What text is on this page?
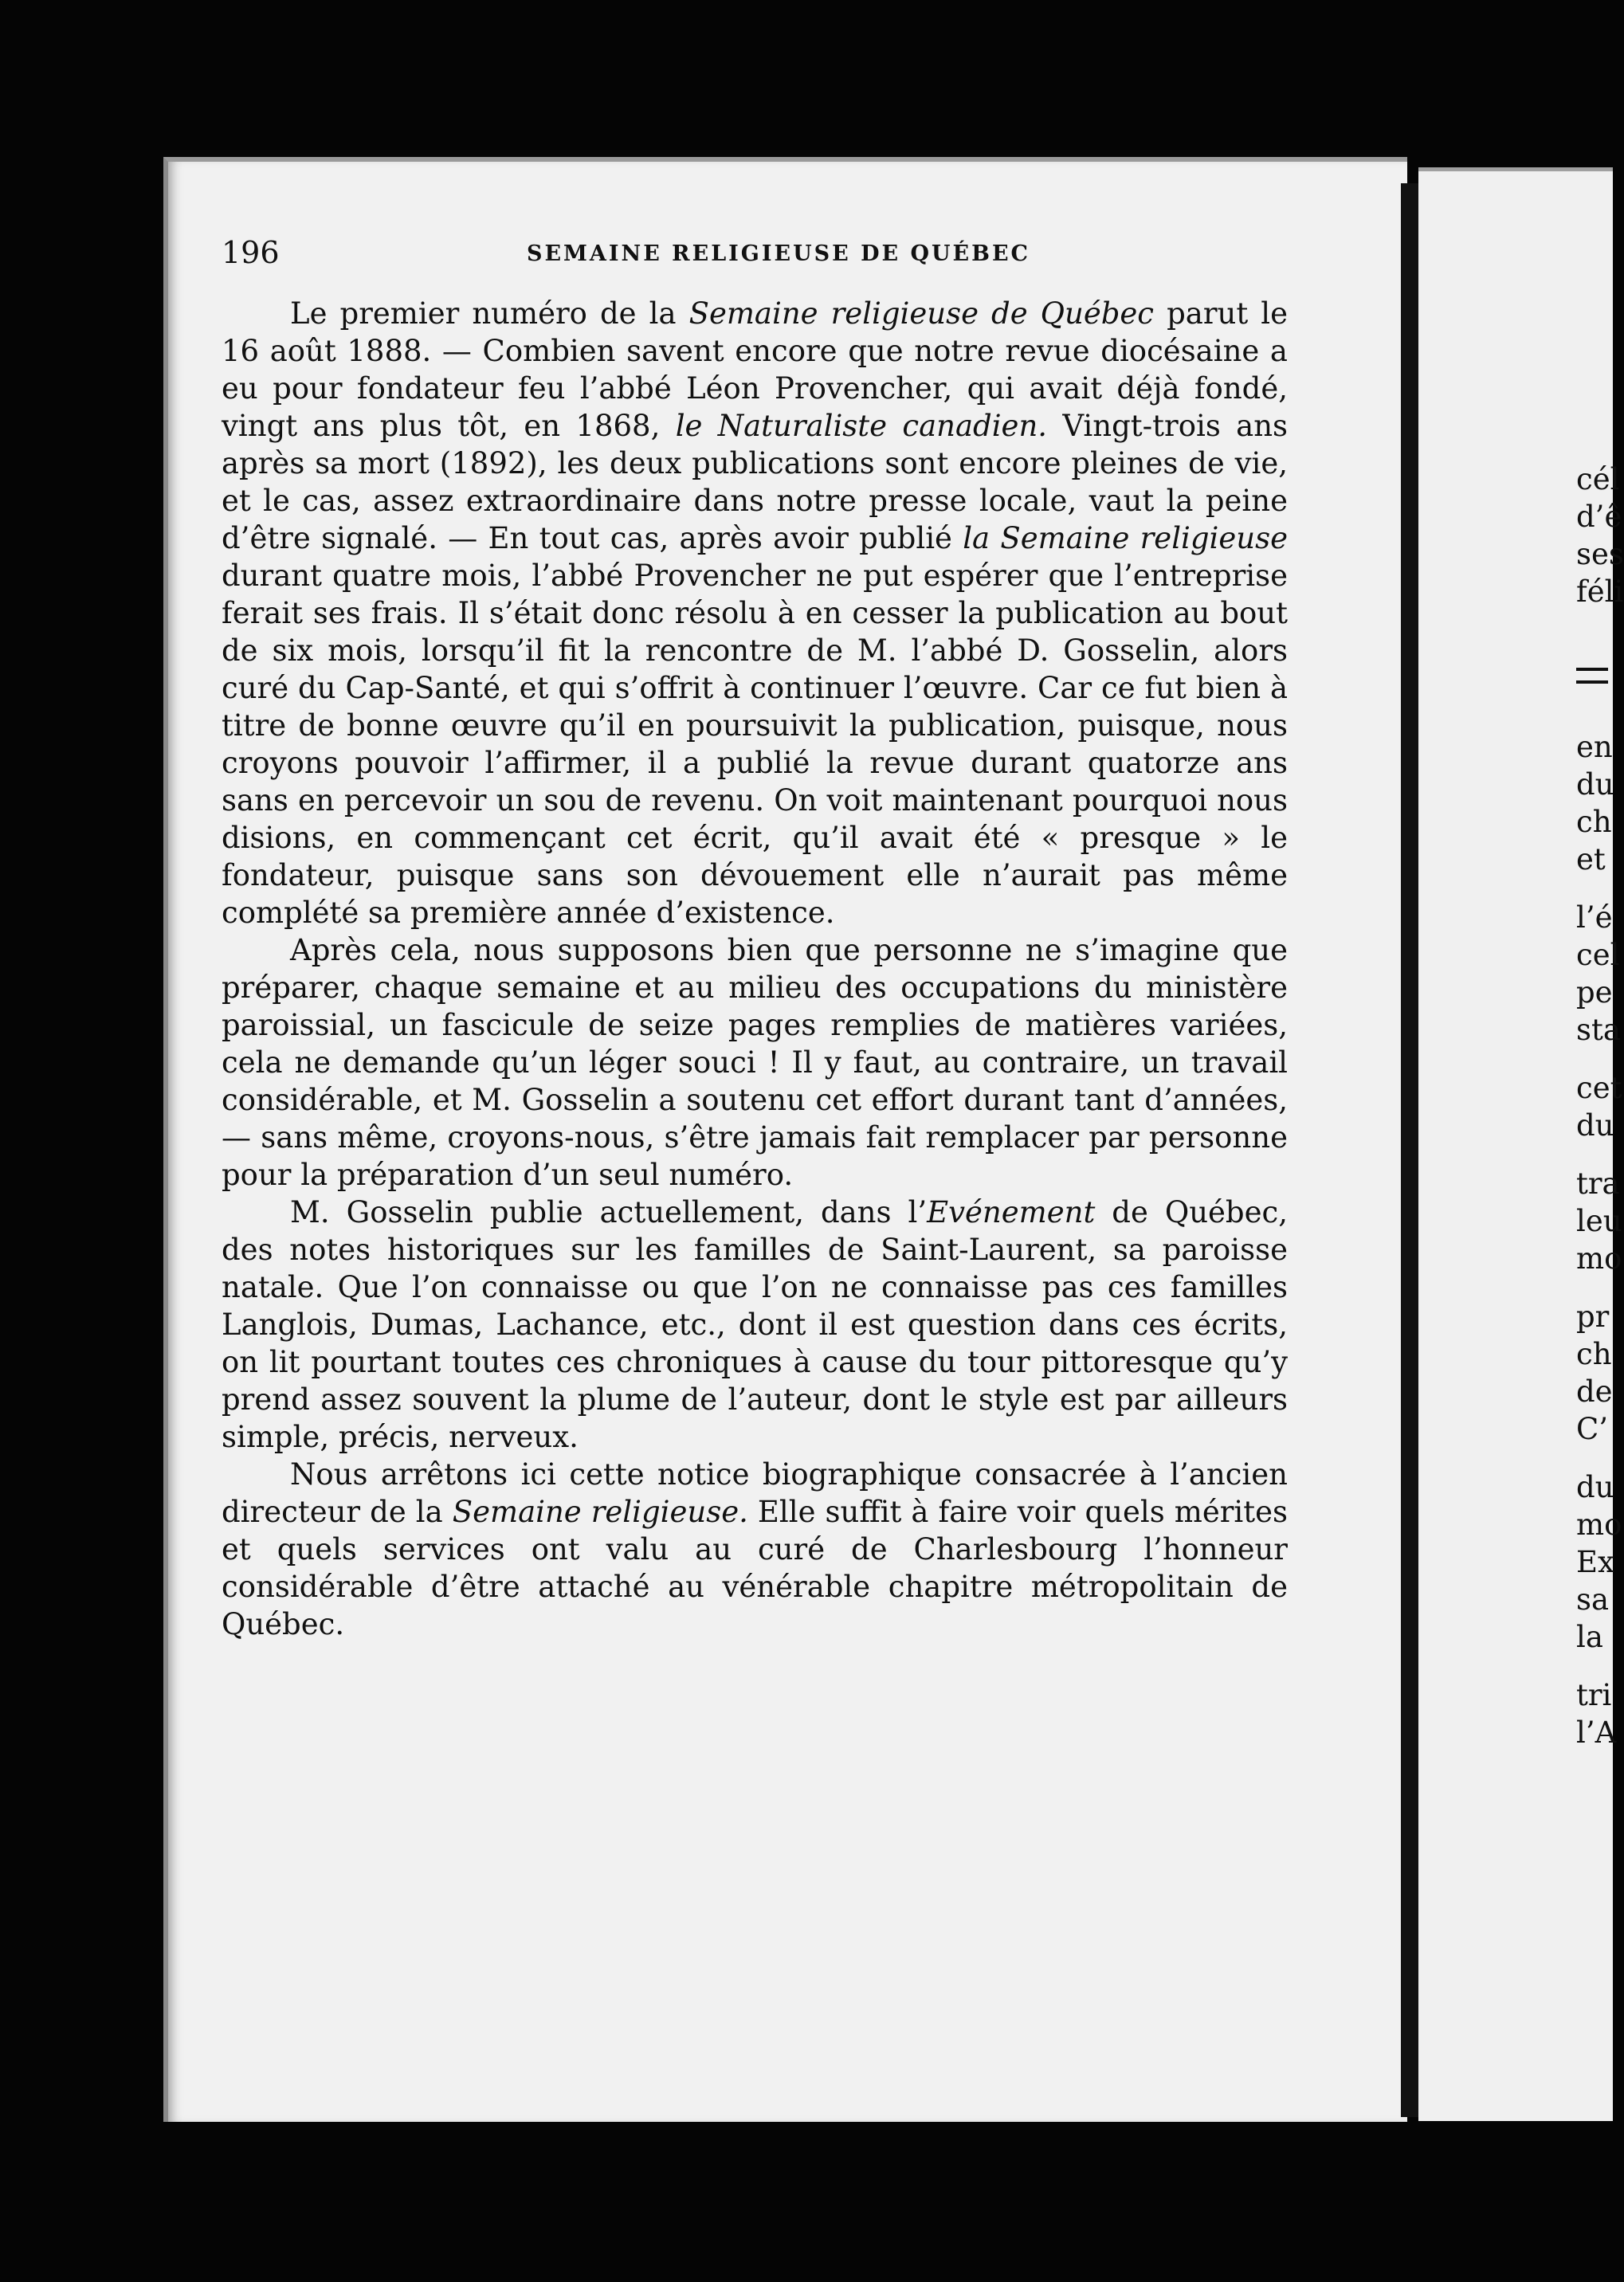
196	SEMAINE RELIGIEUSE DE QUÉBEC

Le premier numéro de la Semaine religieuse de Québec parut le 16 août 1888. — Combien savent encore que notre revue diocésaine a eu pour fondateur feu l’abbé Léon Provencher, qui avait déjà fondé, vingt ans plus tôt, en 1868, le Naturaliste canadien. Vingt-trois ans après sa mort (1892), les deux publications sont encore pleines de vie, et le cas, assez extraordinaire dans notre presse locale, vaut la peine d’être signalé. — En tout cas, après avoir publié la Semaine religieuse durant quatre mois, l’abbé Provencher ne put espérer que l’entreprise ferait ses frais. Il s’était donc résolu à en cesser la publication au bout de six mois, lorsqu’il fit la rencontre de M. l’abbé D. Gosselin, alors curé du Cap-Santé, et qui s’offrit à continuer l’œuvre. Car ce fut bien à titre de bonne œuvre qu’il en poursuivit la publication, puisque, nous croyons pouvoir l’affirmer, il a publié la revue durant quatorze ans sans en percevoir un sou de revenu. On voit maintenant pourquoi nous disions, en commençant cet écrit, qu’il avait été « presque » le fondateur, puisque sans son dévouement elle n’aurait pas même complété sa première année d’existence.

Après cela, nous supposons bien que personne ne s’imagine que préparer, chaque semaine et au milieu des occupations du ministère paroissial, un fascicule de seize pages remplies de matières variées, cela ne demande qu’un léger souci ! Il y faut, au contraire, un travail considérable, et M. Gosselin a soutenu cet effort durant tant d’années, — sans même, croyons-nous, s’être jamais fait remplacer par personne pour la préparation d’un seul numéro.

M. Gosselin publie actuellement, dans l’Evénement de Québec, des notes historiques sur les familles de Saint-Laurent, sa paroisse natale. Que l’on connaisse ou que l’on ne connaisse pas ces familles Langlois, Dumas, Lachance, etc., dont il est question dans ces écrits, on lit pourtant toutes ces chroniques à cause du tour pittoresque qu’y prend assez souvent la plume de l’auteur, dont le style est par ailleurs simple, précis, nerveux.

Nous arrêtons ici cette notice biographique consacrée à l’ancien directeur de la Semaine religieuse. Elle suffit à faire voir quels mérites et quels services ont valu au curé de Charlesbourg l’honneur considérable d’être attaché au vénérable chapitre métropolitain de Québec.

cél
d’ê
ses
féli
en
du
ch
et
l’é
cel
pe
sta
cet
du
tra
leu
mo
pr
ch
de
C’
du
mo
Ex
sa
la
tri
l’A
